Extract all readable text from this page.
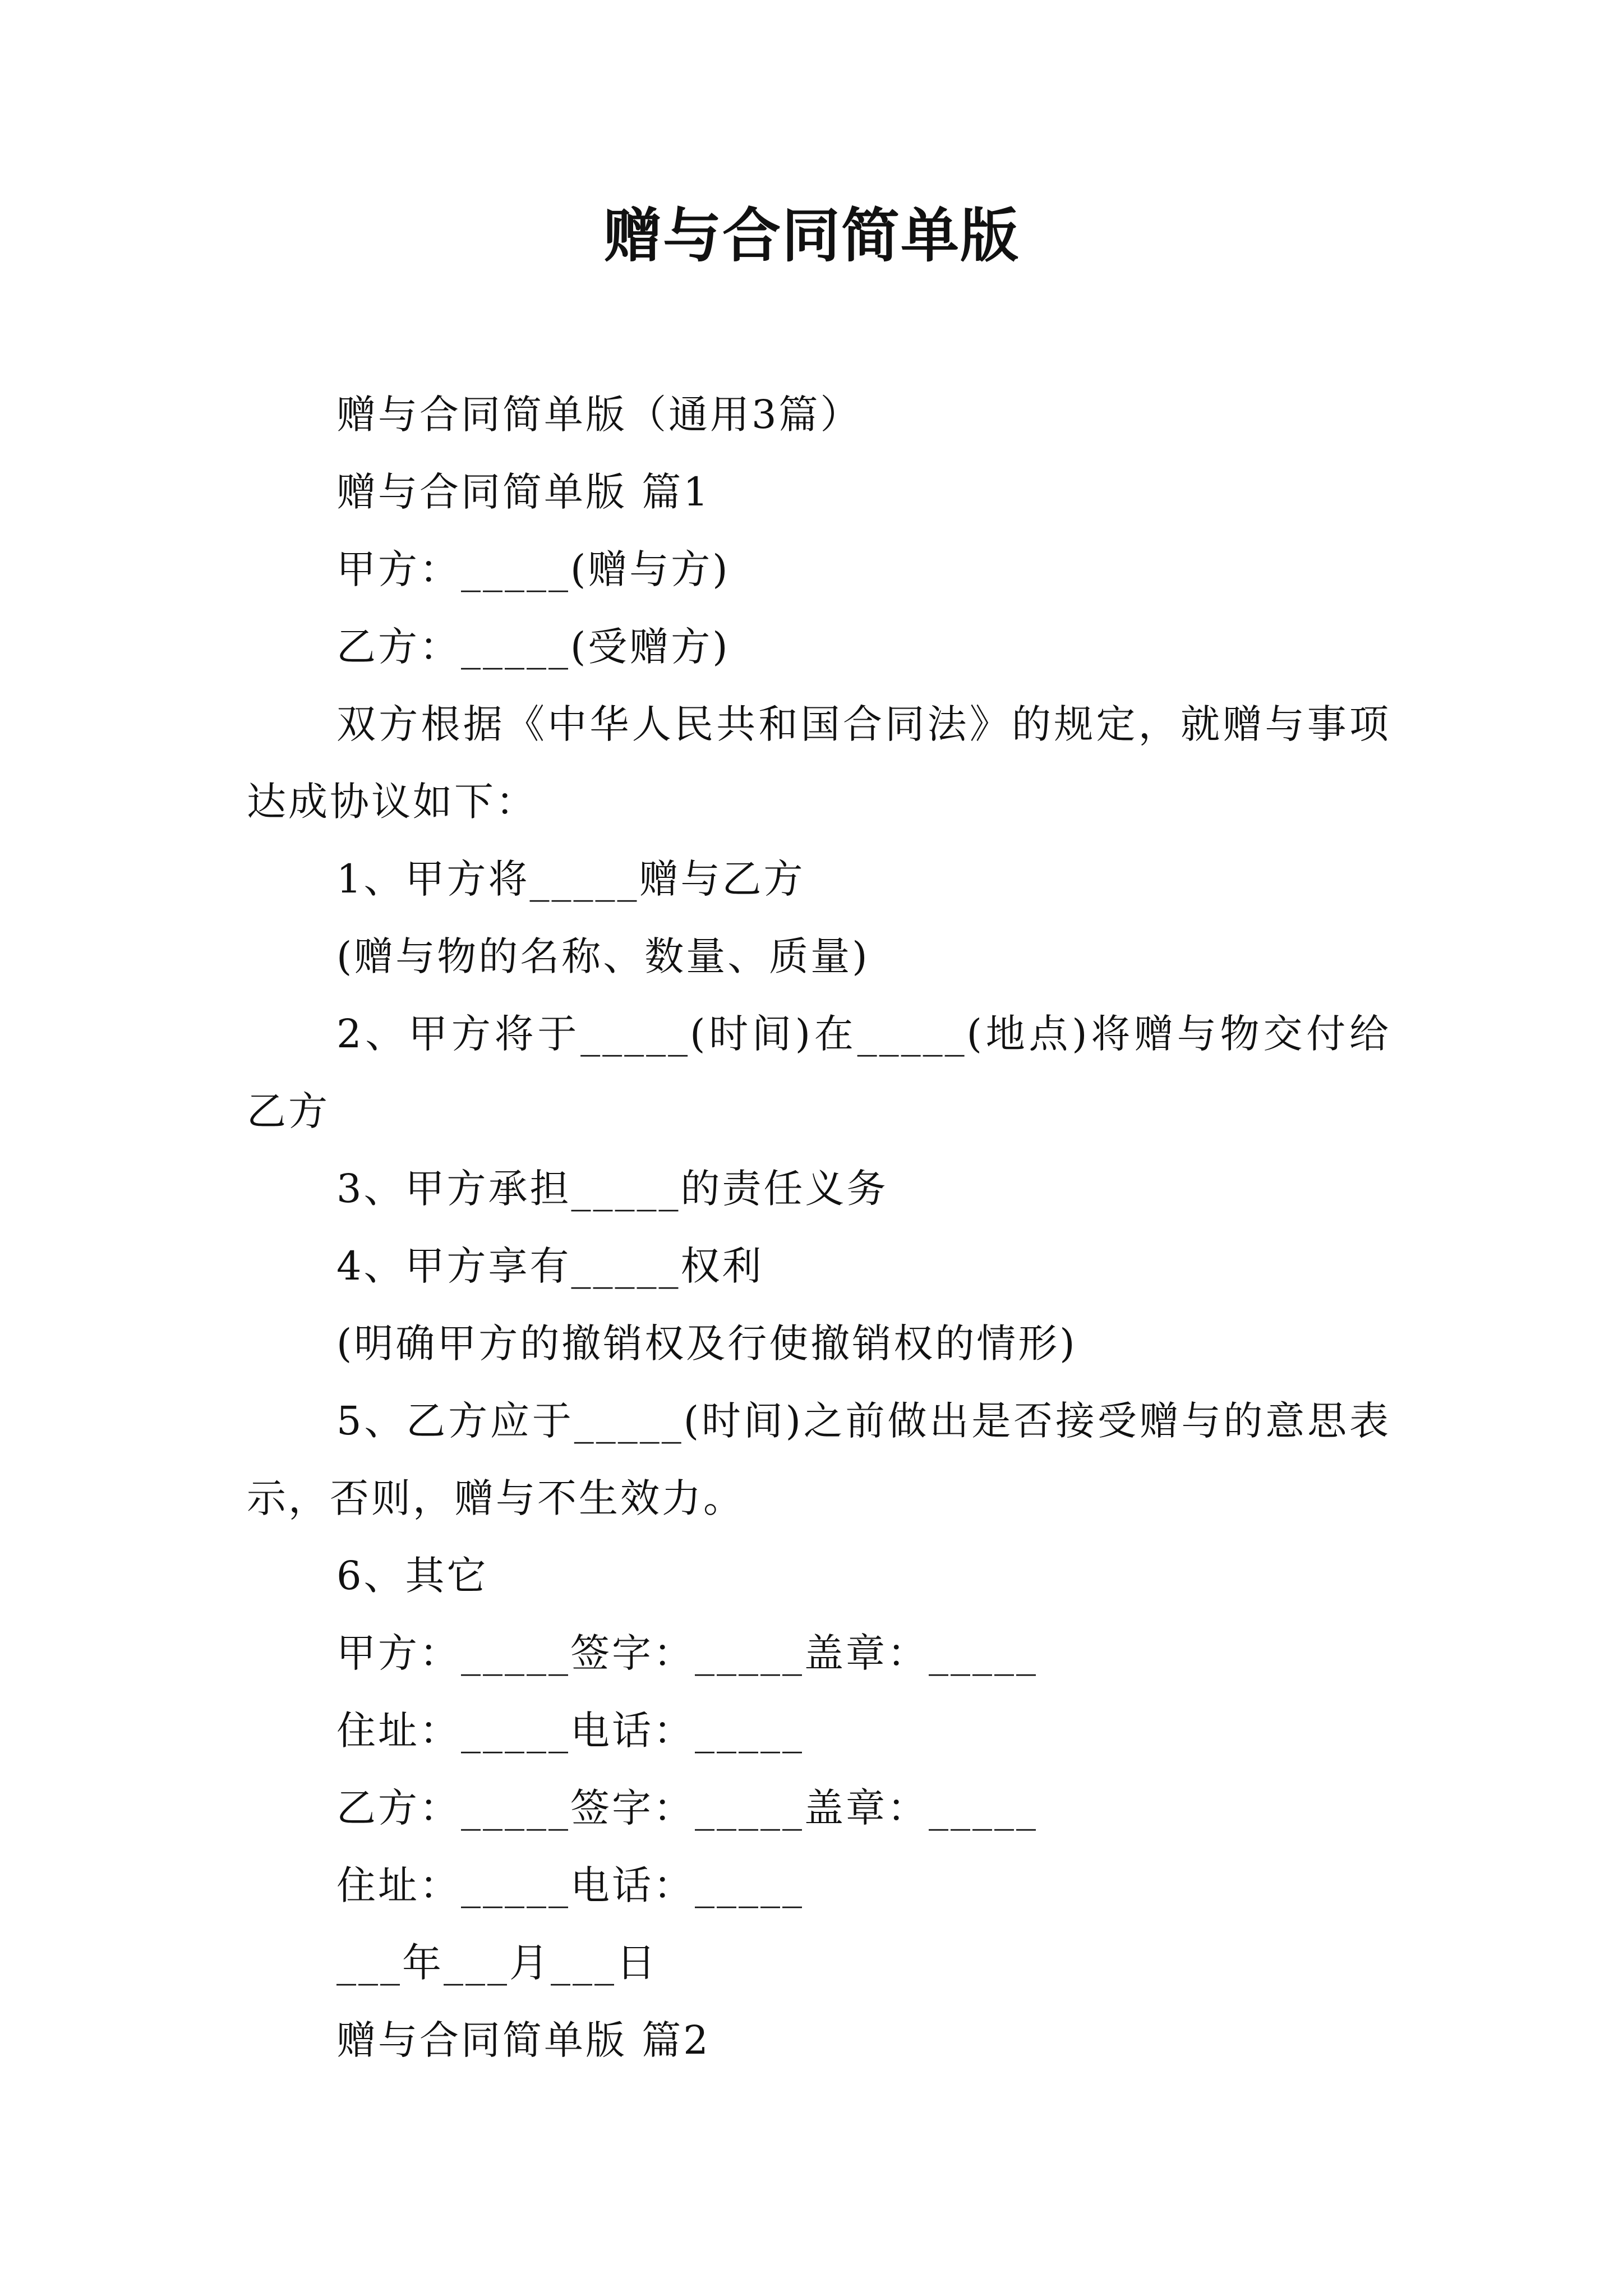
赠与合同简单版

赠与合同简单版（通用3篇）

赠与合同简单版 篇1

甲方：_____(赠与方)

乙方：_____(受赠方)

双方根据《中华人民共和国合同法》的规定，就赠与事项达成协议如下：

1、甲方将_____赠与乙方

(赠与物的名称、数量、质量)

2、甲方将于_____(时间)在_____(地点)将赠与物交付给乙方

3、甲方承担_____的责任义务

4、甲方享有_____权利

(明确甲方的撤销权及行使撤销权的情形)

5、乙方应于_____(时间)之前做出是否接受赠与的意思表示，否则，赠与不生效力。

6、其它

甲方：_____签字：_____盖章：_____

住址：_____电话：_____

乙方：_____签字：_____盖章：_____

住址：_____电话：_____

___年___月___日

赠与合同简单版 篇2
